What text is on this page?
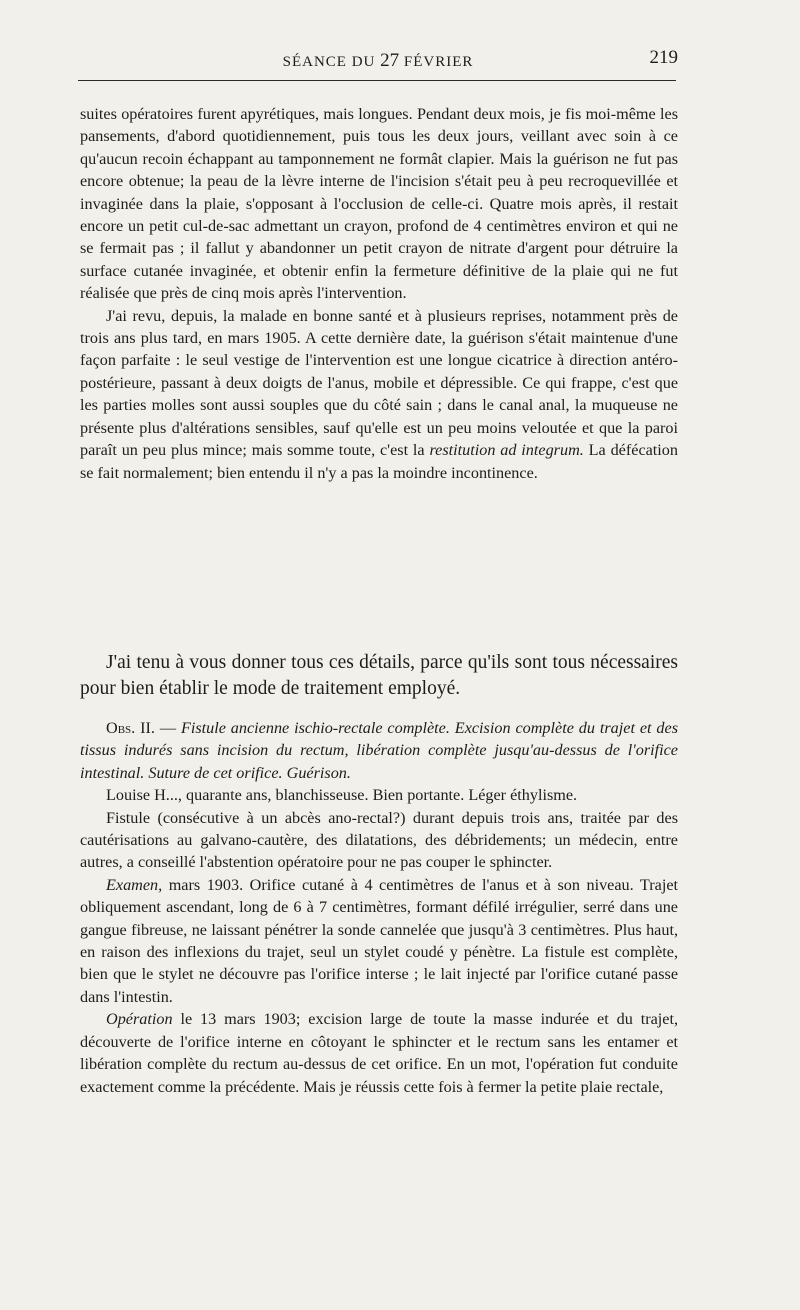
SÉANCE DU 27 FÉVRIER	219

suites opératoires furent apyrétiques, mais longues. Pendant deux mois, je fis moi-même les pansements, d'abord quotidiennement, puis tous les deux jours, veillant avec soin à ce qu'aucun recoin échappant au tamponnement ne formât clapier. Mais la guérison ne fut pas encore obtenue; la peau de la lèvre interne de l'incision s'était peu à peu recroquevillée et invaginée dans la plaie, s'opposant à l'occlusion de celle-ci. Quatre mois après, il restait encore un petit cul-de-sac admettant un crayon, profond de 4 centimètres environ et qui ne se fermait pas ; il fallut y abandonner un petit crayon de nitrate d'argent pour détruire la surface cutanée invaginée, et obtenir enfin la fermeture définitive de la plaie qui ne fut réalisée que près de cinq mois après l'intervention.

J'ai revu, depuis, la malade en bonne santé et à plusieurs reprises, notamment près de trois ans plus tard, en mars 1905. A cette dernière date, la guérison s'était maintenue d'une façon parfaite : le seul vestige de l'intervention est une longue cicatrice à direction antéro-postérieure, passant à deux doigts de l'anus, mobile et dépressible. Ce qui frappe, c'est que les parties molles sont aussi souples que du côté sain ; dans le canal anal, la muqueuse ne présente plus d'altérations sensibles, sauf qu'elle est un peu moins veloutée et que la paroi paraît un peu plus mince; mais somme toute, c'est la restitution ad integrum. La défécation se fait normalement; bien entendu il n'y a pas la moindre incontinence.

J'ai tenu à vous donner tous ces détails, parce qu'ils sont tous nécessaires pour bien établir le mode de traitement employé.

Obs. II. — Fistule ancienne ischio-rectale complète. Excision complète du trajet et des tissus indurés sans incision du rectum, libération complète jusqu'au-dessus de l'orifice intestinal. Suture de cet orifice. Guérison.

Louise H..., quarante ans, blanchisseuse. Bien portante. Léger éthylisme.

Fistule (consécutive à un abcès ano-rectal?) durant depuis trois ans, traitée par des cautérisations au galvano-cautère, des dilatations, des débridements; un médecin, entre autres, a conseillé l'abstention opératoire pour ne pas couper le sphincter.

Examen, mars 1903. Orifice cutané à 4 centimètres de l'anus et à son niveau. Trajet obliquement ascendant, long de 6 à 7 centimètres, formant défilé irrégulier, serré dans une gangue fibreuse, ne laissant pénétrer la sonde cannelée que jusqu'à 3 centimètres. Plus haut, en raison des inflexions du trajet, seul un stylet coudé y pénètre. La fistule est complète, bien que le stylet ne découvre pas l'orifice interse ; le lait injecté par l'orifice cutané passe dans l'intestin.

Opération le 13 mars 1903; excision large de toute la masse indurée et du trajet, découverte de l'orifice interne en côtoyant le sphincter et le rectum sans les entamer et libération complète du rectum au-dessus de cet orifice. En un mot, l'opération fut conduite exactement comme la précédente. Mais je réussis cette fois à fermer la petite plaie rectale,
